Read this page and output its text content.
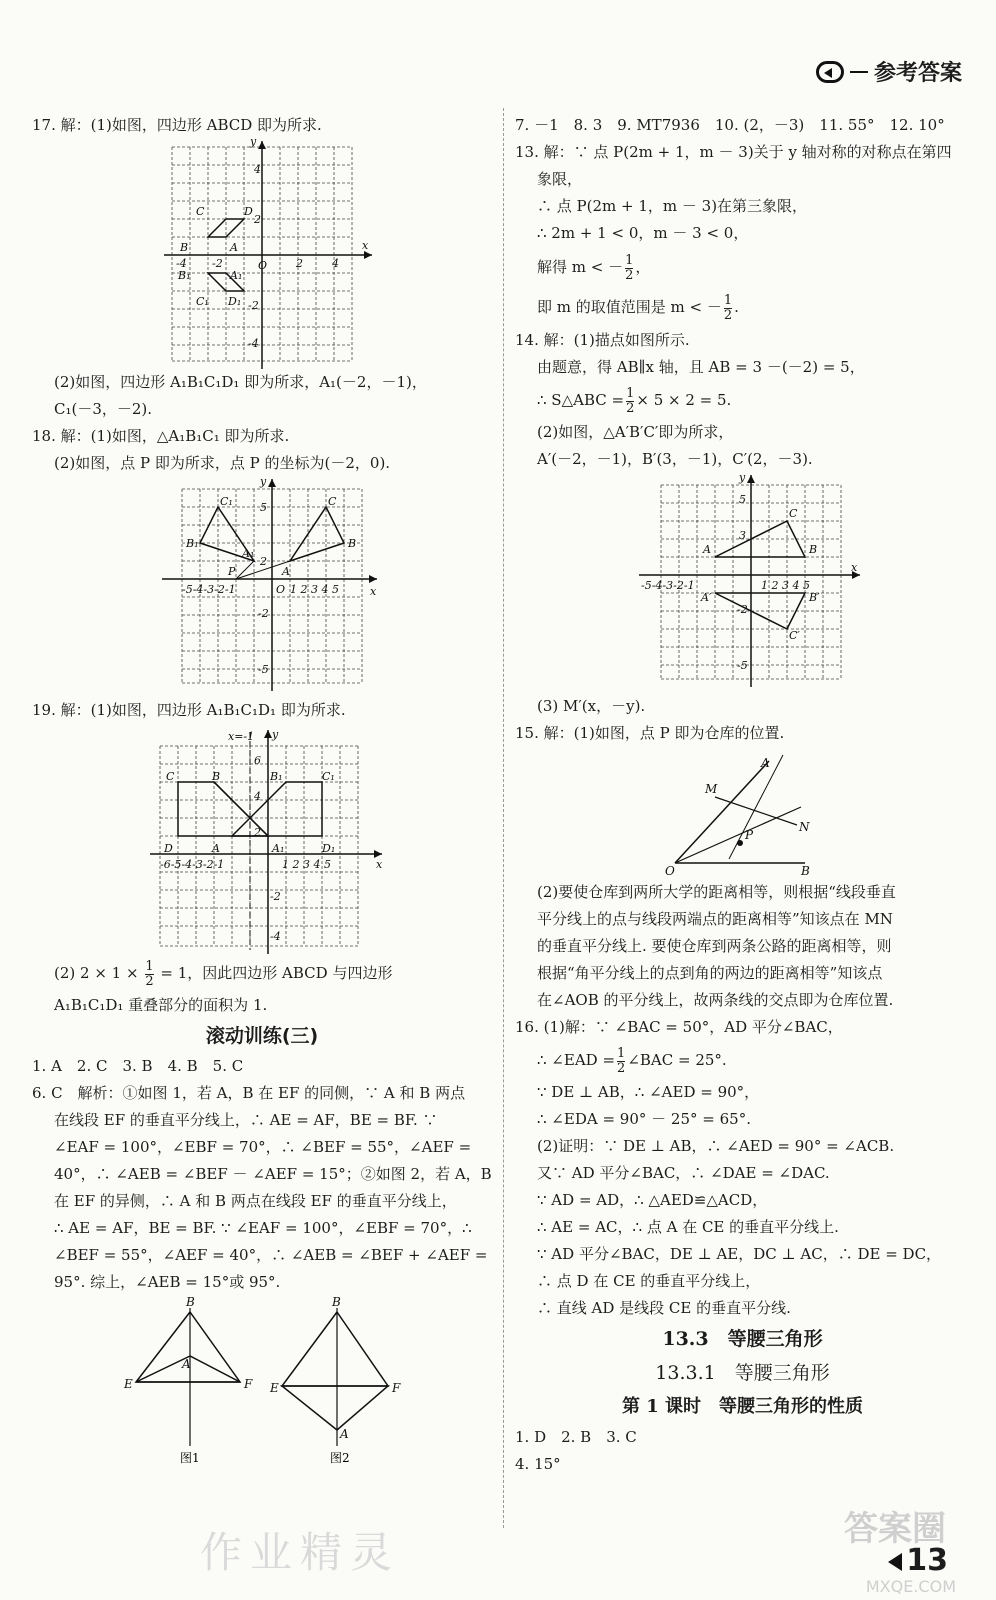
参考答案
17. 解：(1)如图，四边形 ABCD 即为所求.
y
x
4
2
O
-4 -2	2	4
-2
-4
C	D
B	A
B₁	A₁
C₁ D₁
(2)如图，四边形 A₁B₁C₁D₁ 即为所求，A₁(－2，－1)，
C₁(－3，－2).
18. 解：(1)如图，△A₁B₁C₁ 即为所求.
(2)如图，点 P 即为所求，点 P 的坐标为(－2，0).
y
x
O
C₁	C
B₁	B
A₁
A
P
-5-4-3-2-1	1 2 3 4 5
5
2
-2
-5
19. 解：(1)如图，四边形 A₁B₁C₁D₁ 即为所求.
x=-1 y
x
C	B	B₁	C₁
D	A	A₁	D₁
-6-5-4-3-2-1	1 2 3 4 5
6
4
2
-2
-4
(2) $2 \times 1 \times \frac{1}{2} = 1$，因此四边形 ABCD 与四边形
A₁B₁C₁D₁ 重叠部分的面积为 1.
滚动训练(三)
1. A　2. C　3. B　4. B　5. C
6. C　解析：①如图 1，若 A，B 在 EF 的同侧，∵ A 和 B 两点
在线段 EF 的垂直平分线上，∴ AE = AF，BE = BF. ∵
∠EAF = 100°，∠EBF = 70°，∴ ∠BEF = 55°，∠AEF =
40°，∴ ∠AEB = ∠BEF － ∠AEF = 15°；②如图 2，若 A，B
在 EF 的异侧，∴ A 和 B 两点在线段 EF 的垂直平分线上，
∴ AE = AF，BE = BF. ∵ ∠EAF = 100°，∠EBF = 70°，∴
∠BEF = 55°，∠AEF = 40°，∴ ∠AEB = ∠BEF + ∠AEF =
95°. 综上，∠AEB = 15°或 95°.
B
A
E	F
B
E	F
A
图1	图2
7. －1　8. 3　9. MT7936　10. (2，－3)　11. 55°　12. 10°
13. 解：∵ 点 P(2m + 1，m － 3)关于 y 轴对称的对称点在第四
象限，
∴ 点 P(2m + 1，m － 3)在第三象限，
∴ 2m + 1 < 0，m － 3 < 0，
解得 m < － $\frac{1}{2}$ ，
即 m 的取值范围是 m < － $\frac{1}{2}$ .
14. 解：(1)描点如图所示.
由题意，得 AB∥x 轴，且 AB = 3 －(－2) = 5，
∴ S△ABC = $\frac{1}{2} \times 5 \times 2 = 5$.
(2)如图，△A′B′C′即为所求，
A′(－2，－1)，B′(3，－1)，C′(2，－3).
y
x
A	B
C
A′	B′
C′
-5-4-3-2-1	1 2 3 4 5
5
3
-2
-5
(3) M′(x，－y).
15. 解：(1)如图，点 P 即为仓库的位置.
O	B
A
M
N
P
(2)要使仓库到两所大学的距离相等，则根据“线段垂直
平分线上的点与线段两端点的距离相等”知该点在 MN
的垂直平分线上. 要使仓库到两条公路的距离相等，则
根据“角平分线上的点到角的两边的距离相等”知该点
在∠AOB 的平分线上，故两条线的交点即为仓库位置.
16. (1)解：∵ ∠BAC = 50°，AD 平分∠BAC，
∴ ∠EAD = $\frac{1}{2}$ ∠BAC = 25°.
∵ DE ⊥ AB，∴ ∠AED = 90°，
∴ ∠EDA = 90° － 25° = 65°.
(2)证明：∵ DE ⊥ AB，∴ ∠AED = 90° = ∠ACB.
又∵ AD 平分∠BAC，∴ ∠DAE = ∠DAC.
∵ AD = AD，∴ △AED≌△ACD，
∴ AE = AC，∴ 点 A 在 CE 的垂直平分线上.
∵ AD 平分∠BAC，DE ⊥ AE，DC ⊥ AC，∴ DE = DC，
∴ 点 D 在 CE 的垂直平分线上，
∴ 直线 AD 是线段 CE 的垂直平分线.
13.3　等腰三角形
13.3.1　等腰三角形
第 1 课时　等腰三角形的性质
1. D　2. B　3. C
4. 15°
作业精灵	答案圈
MXQE.COM
13
